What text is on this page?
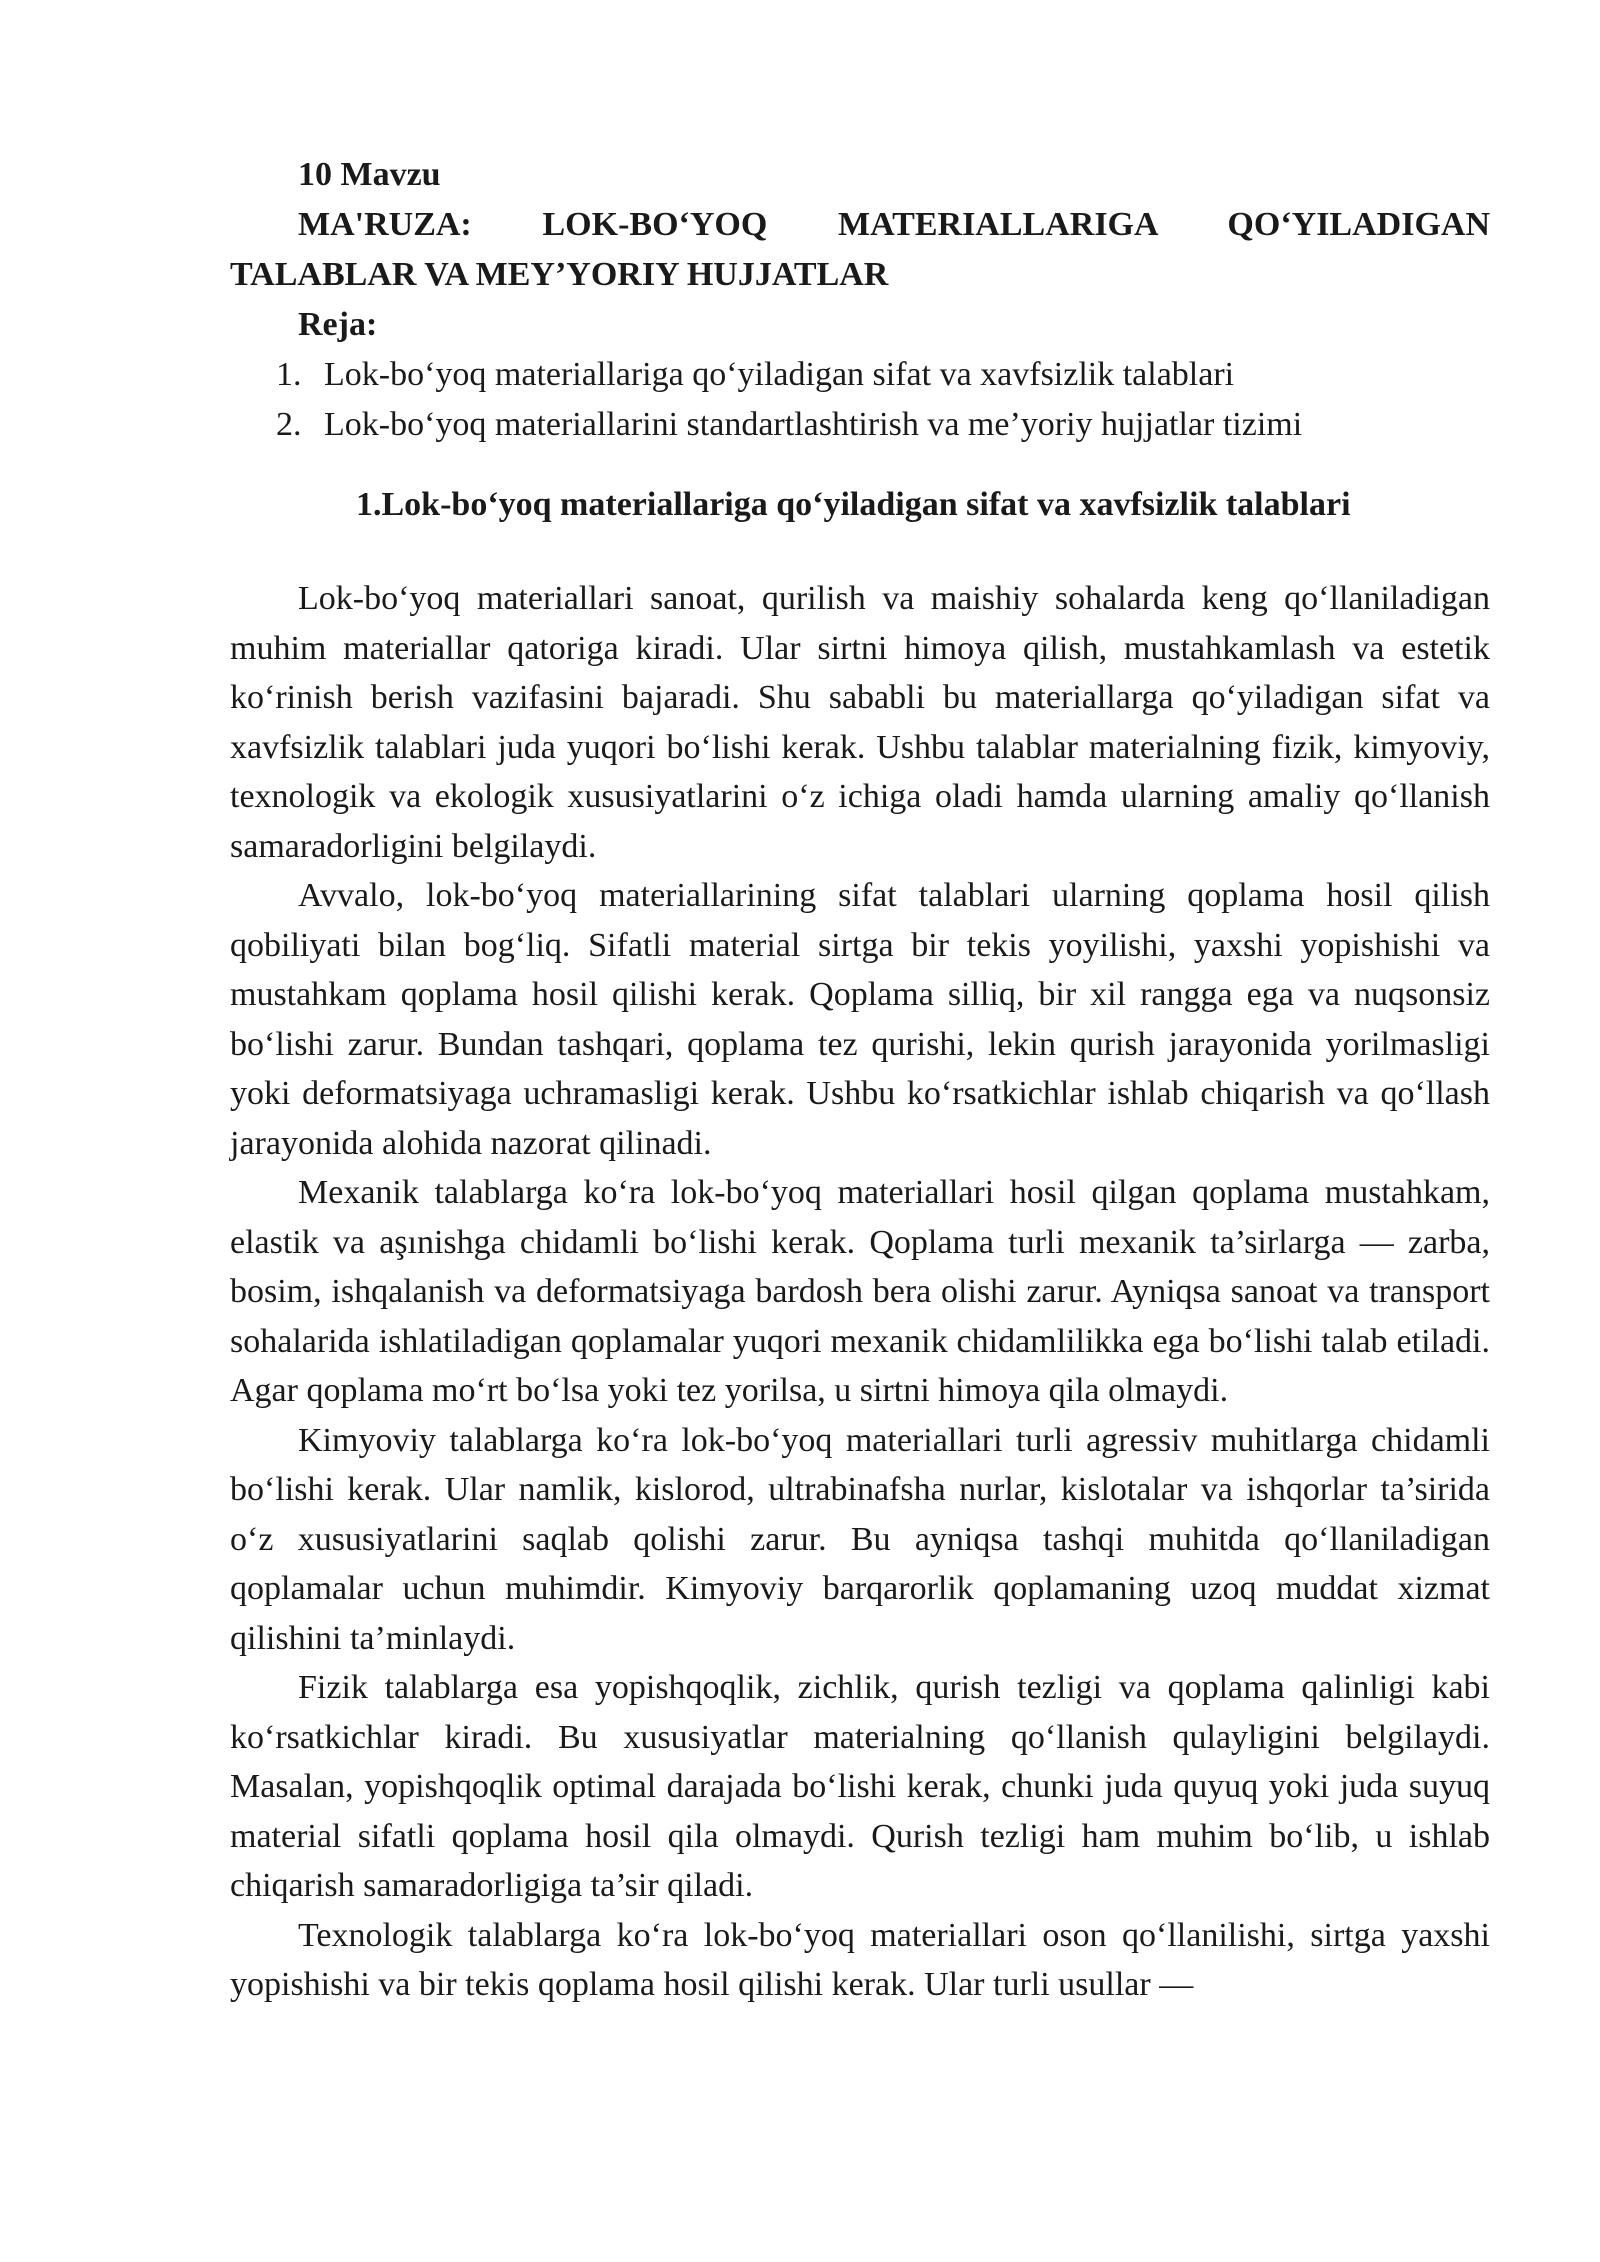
10 Mavzu

MA'RUZA: LOK-BO‘YOQ MATERIALLARIGA QO‘YILADIGAN TALABLAR VA MEY’YORIY HUJJATLAR

Reja:

1. Lok-bo‘yoq materiallariga qo‘yiladigan sifat va xavfsizlik talablari
2. Lok-bo‘yoq materiallarini standartlashtirish va me’yoriy hujjatlar tizimi

1.Lok-bo‘yoq materiallariga qo‘yiladigan sifat va xavfsizlik talablari

Lok-bo‘yoq materiallari sanoat, qurilish va maishiy sohalarda keng qo‘llaniladigan muhim materiallar qatoriga kiradi. Ular sirtni himoya qilish, mustahkamlash va estetik ko‘rinish berish vazifasini bajaradi. Shu sababli bu materiallarga qo‘yiladigan sifat va xavfsizlik talablari juda yuqori bo‘lishi kerak. Ushbu talablar materialning fizik, kimyoviy, texnologik va ekologik xususiyatlarini o‘z ichiga oladi hamda ularning amaliy qo‘llanish samaradorligini belgilaydi.

Avvalo, lok-bo‘yoq materiallarining sifat talablari ularning qoplama hosil qilish qobiliyati bilan bog‘liq. Sifatli material sirtga bir tekis yoyilishi, yaxshi yopishishi va mustahkam qoplama hosil qilishi kerak. Qoplama silliq, bir xil rangga ega va nuqsonsiz bo‘lishi zarur. Bundan tashqari, qoplama tez qurishi, lekin qurish jarayonida yorilmasligi yoki deformatsiyaga uchramasligi kerak. Ushbu ko‘rsatkichlar ishlab chiqarish va qo‘llash jarayonida alohida nazorat qilinadi.

Mexanik talablarga ko‘ra lok-bo‘yoq materiallari hosil qilgan qoplama mustahkam, elastik va aşınishga chidamli bo‘lishi kerak. Qoplama turli mexanik ta’sirlarga — zarba, bosim, ishqalanish va deformatsiyaga bardosh bera olishi zarur. Ayniqsa sanoat va transport sohalarida ishlatiladigan qoplamalar yuqori mexanik chidamlilikka ega bo‘lishi talab etiladi. Agar qoplama mo‘rt bo‘lsa yoki tez yorilsa, u sirtni himoya qila olmaydi.

Kimyoviy talablarga ko‘ra lok-bo‘yoq materiallari turli agressiv muhitlarga chidamli bo‘lishi kerak. Ular namlik, kislorod, ultrabinafsha nurlar, kislotalar va ishqorlar ta’sirida o‘z xususiyatlarini saqlab qolishi zarur. Bu ayniqsa tashqi muhitda qo‘llaniladigan qoplamalar uchun muhimdir. Kimyoviy barqarorlik qoplamaning uzoq muddat xizmat qilishini ta’minlaydi.

Fizik talablarga esa yopishqoqlik, zichlik, qurish tezligi va qoplama qalinligi kabi ko‘rsatkichlar kiradi. Bu xususiyatlar materialning qo‘llanish qulayligini belgilaydi. Masalan, yopishqoqlik optimal darajada bo‘lishi kerak, chunki juda quyuq yoki juda suyuq material sifatli qoplama hosil qila olmaydi. Qurish tezligi ham muhim bo‘lib, u ishlab chiqarish samaradorligiga ta’sir qiladi.

Texnologik talablarga ko‘ra lok-bo‘yoq materiallari oson qo‘llanilishi, sirtga yaxshi yopishishi va bir tekis qoplama hosil qilishi kerak. Ular turli usullar —
